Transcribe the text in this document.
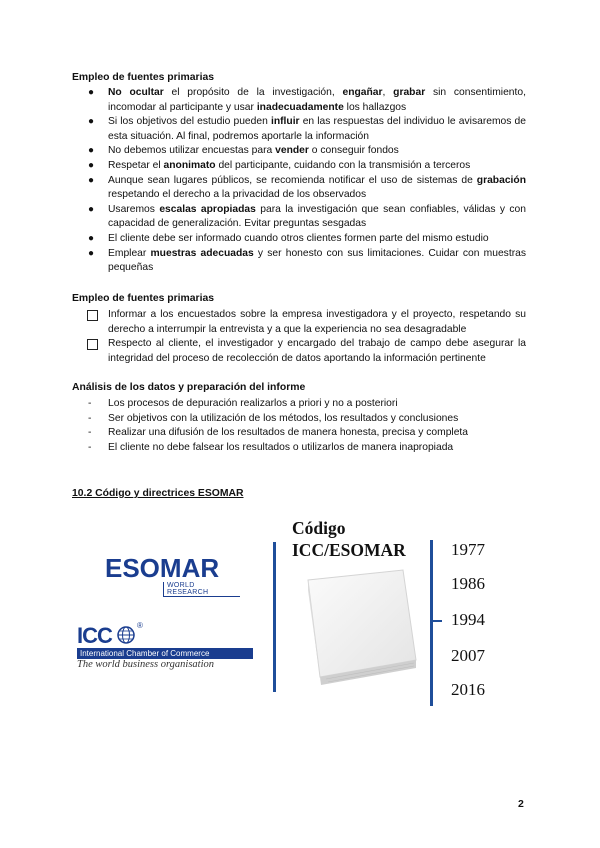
Empleo de fuentes primarias
● No ocultar el propósito de la investigación, engañar, grabar sin consentimiento, incomodar al participante y usar inadecuadamente los hallazgos
● Si los objetivos del estudio pueden influir en las respuestas del individuo le avisaremos de esta situación. Al final, podremos aportarle la información
● No debemos utilizar encuestas para vender o conseguir fondos
● Respetar el anonimato del participante, cuidando con la transmisión a terceros
● Aunque sean lugares públicos, se recomienda notificar el uso de sistemas de grabación respetando el derecho a la privacidad de los observados
● Usaremos escalas apropiadas para la investigación que sean confiables, válidas y con capacidad de generalización. Evitar preguntas sesgadas
● El cliente debe ser informado cuando otros clientes formen parte del mismo estudio
● Emplear muestras adecuadas y ser honesto con sus limitaciones. Cuidar con muestras pequeñas
Empleo de fuentes primarias
Informar a los encuestados sobre la empresa investigadora y el proyecto, respetando su derecho a interrumpir la entrevista y a que la experiencia no sea desagradable
Respecto al cliente, el investigador y encargado del trabajo de campo debe asegurar la integridad del proceso de recolección de datos aportando la información pertinente
Análisis de los datos y preparación del informe
- Los procesos de depuración realizarlos a priori y no a posteriori
- Ser objetivos con la utilización de los métodos, los resultados y conclusiones
- Realizar una difusión de los resultados de manera honesta, precisa y completa
- El cliente no debe falsear los resultados o utilizarlos de manera inapropiada
10.2 Código y directrices ESOMAR
ESOMAR
WORLD RESEARCH
ICC	®
International Chamber of Commerce
The world business organisation
Código
ICC/ESOMAR	1977
1986
1994
2007
2016
2
